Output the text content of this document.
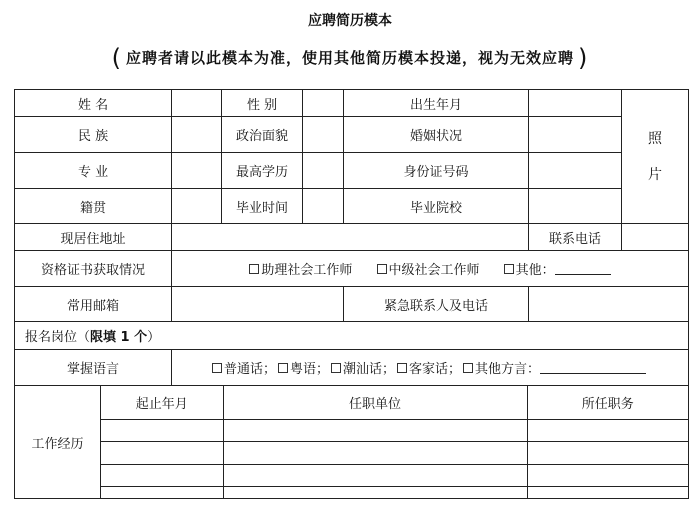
应聘简历模本
( 应聘者请以此模本为准，使用其他简历模本投递，视为无效应聘 )
姓 名		性 别		出生年月		
照
片

民 族		政治面貌		婚姻状况	
专 业		最高学历		身份证号码	
籍贯		毕业时间		毕业院校	
现居住地址		联系电话	
资格证书获取情况	助理社会工作师	中级社会工作师	其他：
常用邮箱		紧急联系人及电话	
报名岗位（限填 1 个）
掌握语言	普通话； 粤语； 潮汕话； 客家话； 其他方言：
工作经历	
起止年月	任职单位	所任职务
